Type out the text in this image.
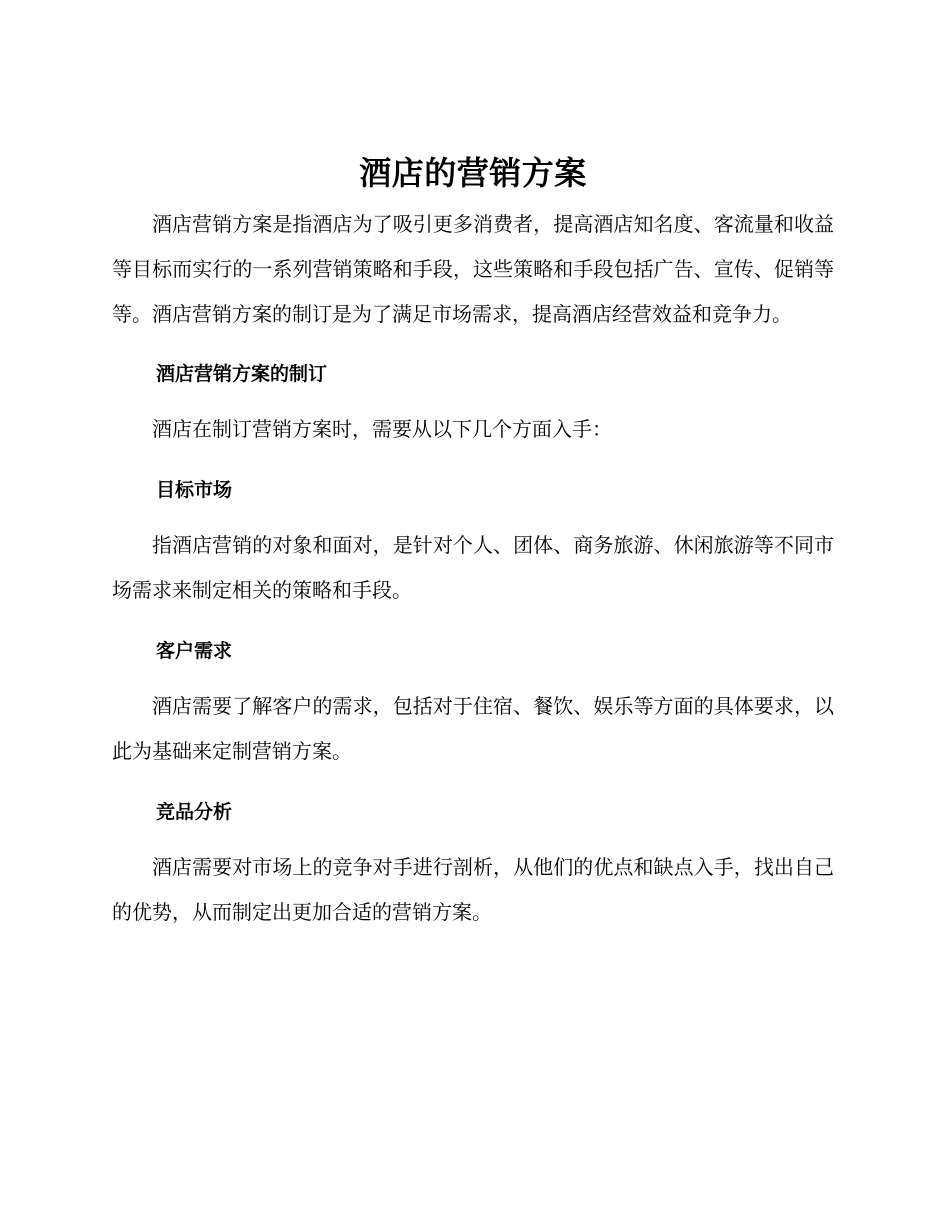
酒店的营销方案

酒店营销方案是指酒店为了吸引更多消费者，提高酒店知名度、客流量和收益等目标而实行的一系列营销策略和手段，这些策略和手段包括广告、宣传、促销等等。酒店营销方案的制订是为了满足市场需求，提高酒店经营效益和竞争力。

酒店营销方案的制订

酒店在制订营销方案时，需要从以下几个方面入手：

目标市场

指酒店营销的对象和面对，是针对个人、团体、商务旅游、休闲旅游等不同市场需求来制定相关的策略和手段。

客户需求

酒店需要了解客户的需求，包括对于住宿、餐饮、娱乐等方面的具体要求，以此为基础来定制营销方案。

竞品分析

酒店需要对市场上的竞争对手进行剖析，从他们的优点和缺点入手，找出自己的优势，从而制定出更加合适的营销方案。
